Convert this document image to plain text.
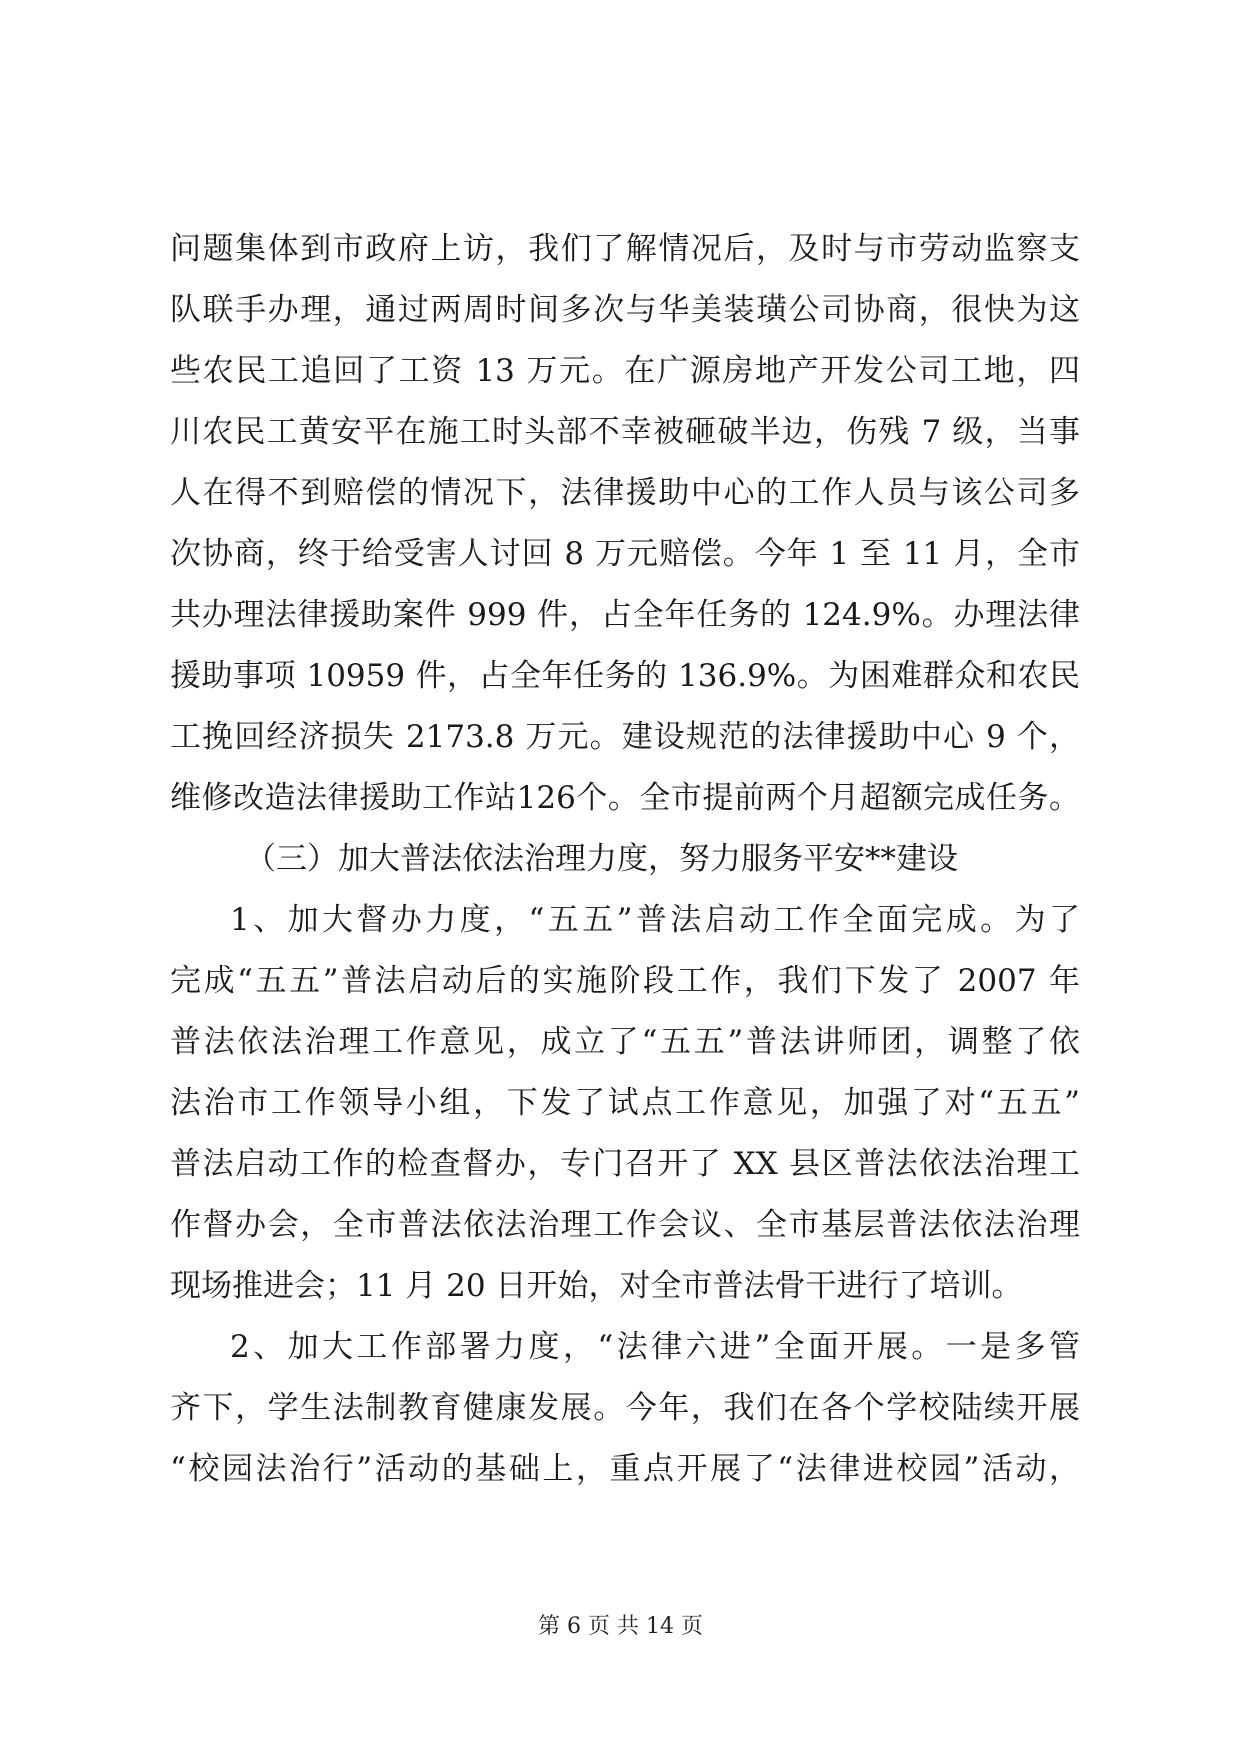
问题集体到市政府上访，我们了解情况后，及时与市劳动监察支
队联手办理，通过两周时间多次与华美装璜公司协商，很快为这
些农民工追回了工资 13 万元。在广源房地产开发公司工地，四
川农民工黄安平在施工时头部不幸被砸破半边，伤残 7 级，当事
人在得不到赔偿的情况下，法律援助中心的工作人员与该公司多
次协商，终于给受害人讨回 8 万元赔偿。今年 1 至 11 月，全市
共办理法律援助案件 999 件，占全年任务的 124.9%。办理法律
援助事项 10959 件，占全年任务的 136.9%。为困难群众和农民
工挽回经济损失 2173.8 万元。建设规范的法律援助中心 9 个，
维修改造法律援助工作站126个。全市提前两个月超额完成任务。
（三）加大普法依法治理力度，努力服务平安**建设
1、加大督办力度，“五五”普法启动工作全面完成。为了
完成“五五”普法启动后的实施阶段工作，我们下发了 2007 年
普法依法治理工作意见，成立了“五五”普法讲师团，调整了依
法治市工作领导小组，下发了试点工作意见，加强了对“五五”
普法启动工作的检查督办，专门召开了 XX 县区普法依法治理工
作督办会，全市普法依法治理工作会议、全市基层普法依法治理
现场推进会；11 月 20 日开始，对全市普法骨干进行了培训。
2、加大工作部署力度，“法律六进”全面开展。一是多管
齐下，学生法制教育健康发展。今年，我们在各个学校陆续开展
“校园法治行”活动的基础上，重点开展了“法律进校园”活动，
第 6 页 共 14 页
